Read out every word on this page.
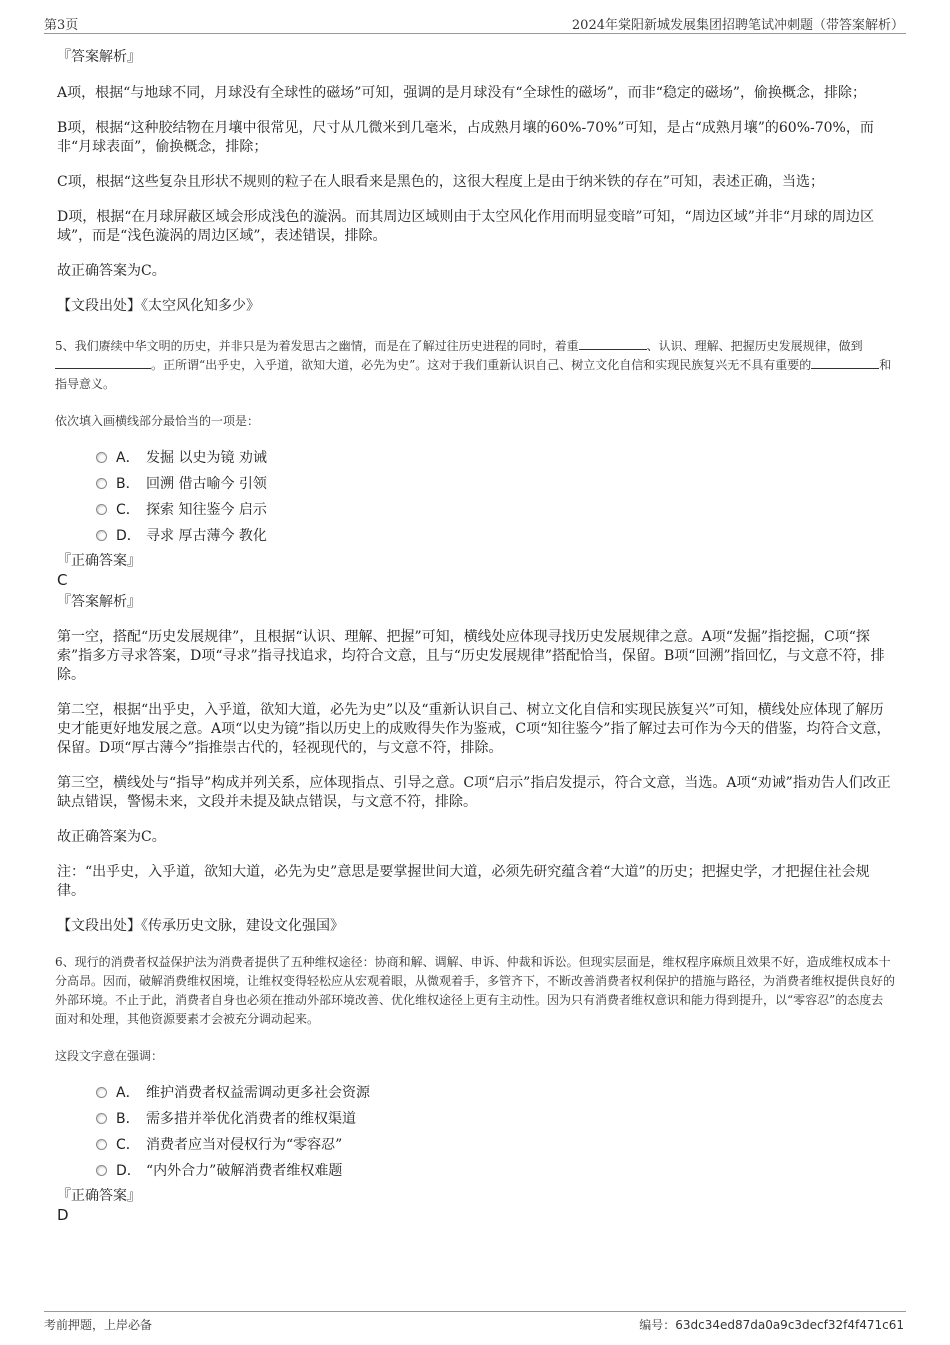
第3页	2024年棠阳新城发展集团招聘笔试冲刺题（带答案解析）
『答案解析』
A项，根据“与地球不同，月球没有全球性的磁场”可知，强调的是月球没有“全球性的磁场”，而非“稳定的磁场”，偷换概念，排除；
B项，根据“这种胶结物在月壤中很常见，尺寸从几微米到几毫米，占成熟月壤的60%-70%”可知，是占“成熟月壤”的60%-70%，而非“月球表面”，偷换概念，排除；
C项，根据“这些复杂且形状不规则的粒子在人眼看来是黑色的，这很大程度上是由于纳米铁的存在”可知，表述正确，当选；
D项，根据“在月球屏蔽区域会形成浅色的漩涡。而其周边区域则由于太空风化作用而明显变暗”可知，“周边区域”并非“月球的周边区域”，而是“浅色漩涡的周边区域”，表述错误，排除。
故正确答案为C。
【文段出处】《太空风化知多少》
5、我们赓续中华文明的历史，并非只是为着发思古之幽情，而是在了解过往历史进程的同时，着重	、认识、理解、把握历史发展规律，做到。正所谓“出乎史，入乎道，欲知大道，必先为史”。这对于我们重新认识自己、树立文化自信和实现民族复兴无不具有重要的	和指导意义。
依次填入画横线部分最恰当的一项是：
A． 发掘 以史为镜 劝诫
B． 回溯 借古喻今 引领
C． 探索 知往鉴今 启示
D． 寻求 厚古薄今 教化
『正确答案』
C
『答案解析』
第一空，搭配“历史发展规律”，且根据“认识、理解、把握”可知，横线处应体现寻找历史发展规律之意。A项“发掘”指挖掘，C项“探索”指多方寻求答案，D项“寻求”指寻找追求，均符合文意，且与“历史发展规律”搭配恰当，保留。B项“回溯”指回忆，与文意不符，排除。
第二空，根据“出乎史，入乎道，欲知大道，必先为史”以及“重新认识自己、树立文化自信和实现民族复兴”可知，横线处应体现了解历史才能更好地发展之意。A项“以史为镜”指以历史上的成败得失作为鉴戒，C项“知往鉴今”指了解过去可作为今天的借鉴，均符合文意，保留。D项“厚古薄今”指推崇古代的，轻视现代的，与文意不符，排除。
第三空，横线处与“指导”构成并列关系，应体现指点、引导之意。C项“启示”指启发提示，符合文意，当选。A项“劝诫”指劝告人们改正缺点错误，警惕未来，文段并未提及缺点错误，与文意不符，排除。
故正确答案为C。
注：“出乎史，入乎道，欲知大道，必先为史”意思是要掌握世间大道，必须先研究蕴含着“大道”的历史；把握史学，才把握住社会规律。
【文段出处】《传承历史文脉，建设文化强国》
6、现行的消费者权益保护法为消费者提供了五种维权途径：协商和解、调解、申诉、仲裁和诉讼。但现实层面是，维权程序麻烦且效果不好，造成维权成本十分高昂。因而，破解消费维权困境，让维权变得轻松应从宏观着眼，从微观着手，多管齐下，不断改善消费者权利保护的措施与路径，为消费者维权提供良好的外部环境。不止于此，消费者自身也必须在推动外部环境改善、优化维权途径上更有主动性。因为只有消费者维权意识和能力得到提升，以“零容忍”的态度去面对和处理，其他资源要素才会被充分调动起来。
这段文字意在强调：
A． 维护消费者权益需调动更多社会资源
B． 需多措并举优化消费者的维权渠道
C． 消费者应当对侵权行为“零容忍”
D． “内外合力”破解消费者维权难题
『正确答案』
D
考前押题，上岸必备	编号：63dc34ed87da0a9c3decf32f4f471c61
